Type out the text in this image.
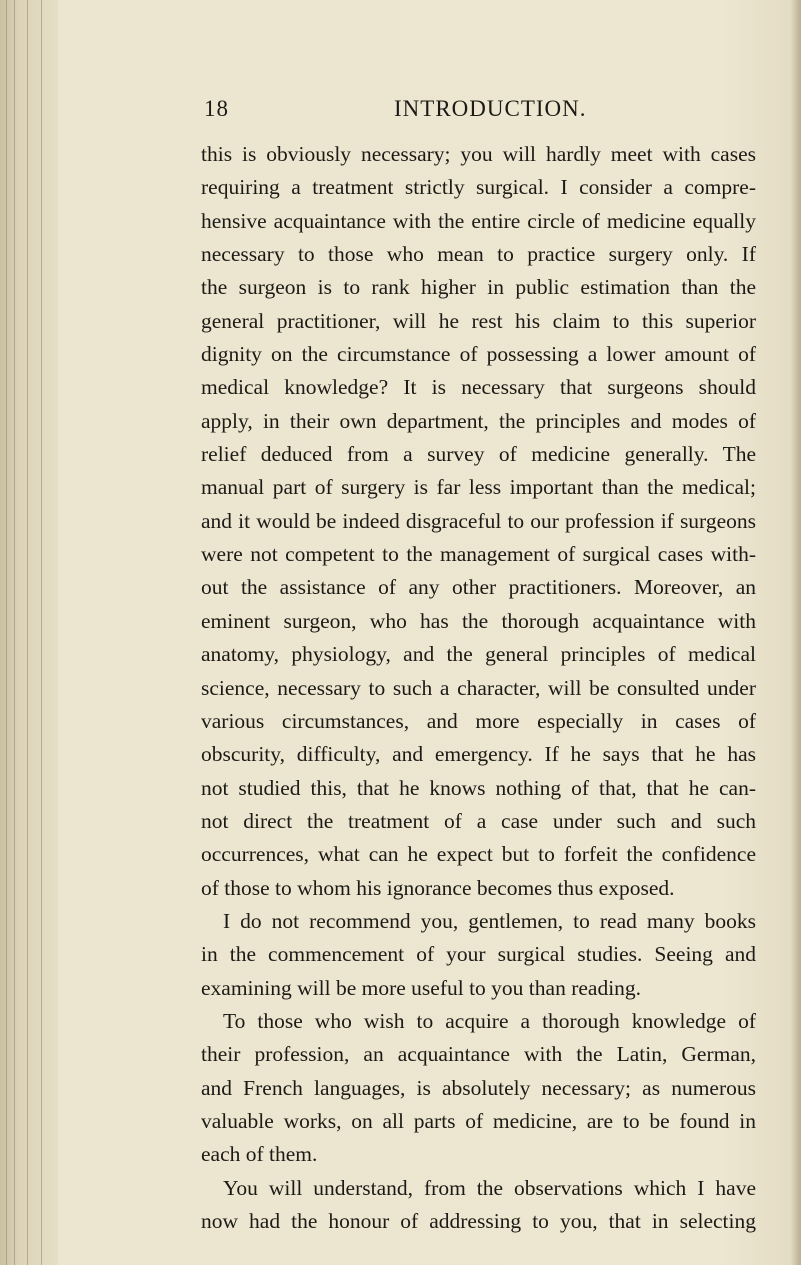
18	INTRODUCTION.
this is obviously necessary; you will hardly meet with cases
requiring a treatment strictly surgical. I consider a compre-
hensive acquaintance with the entire circle of medicine equally
necessary to those who mean to practice surgery only. If
the surgeon is to rank higher in public estimation than the
general practitioner, will he rest his claim to this superior
dignity on the circumstance of possessing a lower amount of
medical knowledge? It is necessary that surgeons should
apply, in their own department, the principles and modes of
relief deduced from a survey of medicine generally. The
manual part of surgery is far less important than the medical;
and it would be indeed disgraceful to our profession if surgeons
were not competent to the management of surgical cases with-
out the assistance of any other practitioners. Moreover, an
eminent surgeon, who has the thorough acquaintance with
anatomy, physiology, and the general principles of medical
science, necessary to such a character, will be consulted under
various circumstances, and more especially in cases of
obscurity, difficulty, and emergency. If he says that he has
not studied this, that he knows nothing of that, that he can-
not direct the treatment of a case under such and such
occurrences, what can he expect but to forfeit the confidence
of those to whom his ignorance becomes thus exposed.
I do not recommend you, gentlemen, to read many books
in the commencement of your surgical studies. Seeing and
examining will be more useful to you than reading.
To those who wish to acquire a thorough knowledge of
their profession, an acquaintance with the Latin, German,
and French languages, is absolutely necessary; as numerous
valuable works, on all parts of medicine, are to be found in
each of them.
You will understand, from the observations which I have
now had the honour of addressing to you, that in selecting
